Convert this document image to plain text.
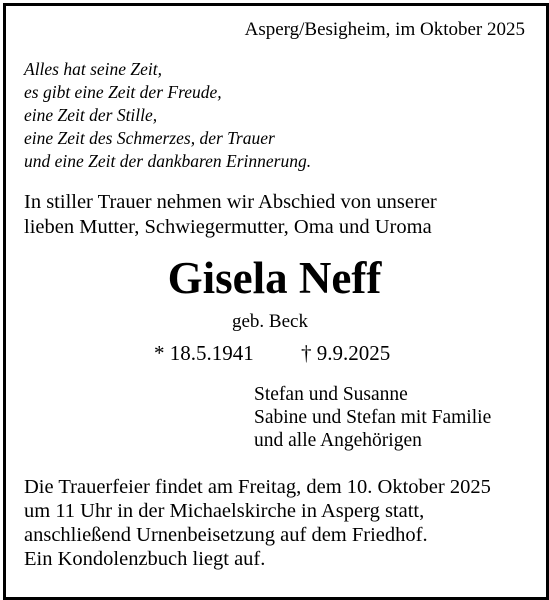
Asperg/Besigheim, im Oktober 2025
Alles hat seine Zeit,
es gibt eine Zeit der Freude,
eine Zeit der Stille,
eine Zeit des Schmerzes, der Trauer
und eine Zeit der dankbaren Erinnerung.
In stiller Trauer nehmen wir Abschied von unserer
lieben Mutter, Schwiegermutter, Oma und Uroma
Gisela Neff
geb. Beck
* 18.5.1941 † 9.9.2025
Stefan und Susanne
Sabine und Stefan mit Familie
und alle Angehörigen
Die Trauerfeier findet am Freitag, dem 10. Oktober 2025
um 11 Uhr in der Michaelskirche in Asperg statt,
anschließend Urnenbeisetzung auf dem Friedhof.
Ein Kondolenzbuch liegt auf.
